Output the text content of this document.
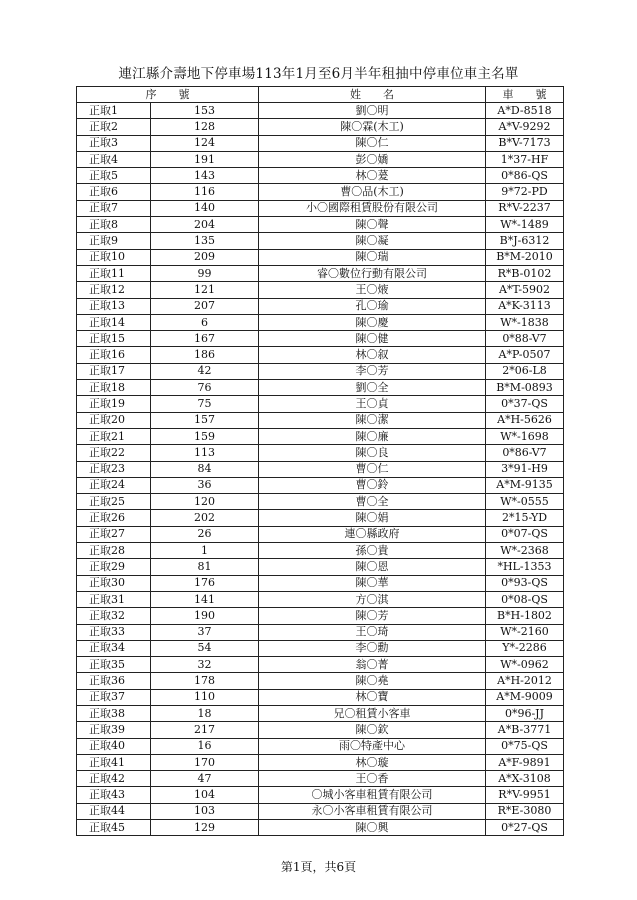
連江縣介壽地下停車場113年1月至6月半年租抽中停車位車主名單
序　　號		姓　　名	車　　號
正取1	153	劉〇明	A*D-8518
正取2	128	陳〇霖(木工)	A*V-9292
正取3	124	陳〇仁	B*V-7173
正取4	191	彭〇嬌	1*37-HF
正取5	143	林〇萲	0*86-QS
正取6	116	曹〇品(木工)	9*72-PD
正取7	140	小〇國際租賃股份有限公司	R*V-2237
正取8	204	陳〇聲	W*-1489
正取9	135	陳〇凝	B*J-6312
正取10	209	陳〇瑞	B*M-2010
正取11	99	睿〇數位行動有限公司	R*B-0102
正取12	121	王〇焲	A*T-5902
正取13	207	孔〇瑜	A*K-3113
正取14	6	陳〇慶	W*-1838
正取15	167	陳〇健	0*88-V7
正取16	186	林〇叙	A*P-0507
正取17	42	李〇芳	2*06-L8
正取18	76	劉〇全	B*M-0893
正取19	75	王〇貞	0*37-QS
正取20	157	陳〇潔	A*H-5626
正取21	159	陳〇廉	W*-1698
正取22	113	陳〇良	0*86-V7
正取23	84	曹〇仁	3*91-H9
正取24	36	曹〇鈴	A*M-9135
正取25	120	曹〇全	W*-0555
正取26	202	陳〇娟	2*15-YD
正取27	26	連〇縣政府	0*07-QS
正取28	1	孫〇貴	W*-2368
正取29	81	陳〇恩	*HL-1353
正取30	176	陳〇華	0*93-QS
正取31	141	方〇淇	0*08-QS
正取32	190	陳〇芳	B*H-1802
正取33	37	王〇琦	W*-2160
正取34	54	李〇勳	Y*-2286
正取35	32	翁〇菁	W*-0962
正取36	178	陳〇堯	A*H-2012
正取37	110	林〇寶	A*M-9009
正取38	18	兄〇租賃小客車	0*96-JJ
正取39	217	陳〇欽	A*B-3771
正取40	16	雨〇特產中心	0*75-QS
正取41	170	林〇璇	A*F-9891
正取42	47	王〇香	A*X-3108
正取43	104	〇城小客車租賃有限公司	R*V-9951
正取44	103	永〇小客車租賃有限公司	R*E-3080
正取45	129	陳〇興	0*27-QS
第1頁，共6頁
